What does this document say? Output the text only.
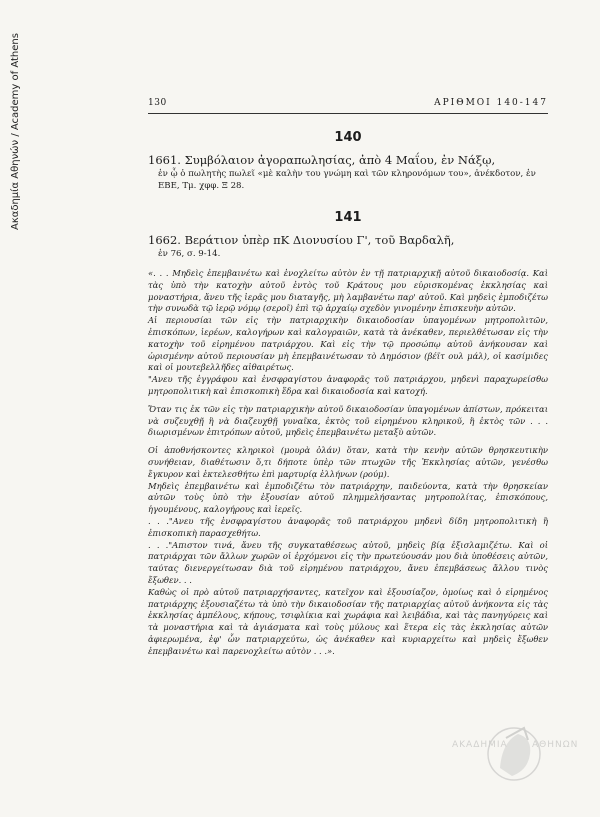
Ακαδημία Αθηνών / Academy of Athens	130	ΑΡΙΘΜΟΙ 140-147
140
1661. Συμβόλαιον ἀγοραπωλησίας, ἀπὸ 4 Μαΐου, ἐν Νάξῳ,
ἐν ᾧ ὁ πωλητὴς πωλεῖ «μὲ καλὴν του γνώμη καὶ τῶν κληρονόμων του», ἀνέκδοτον, ἐν
ΕΒΕ, Τμ. χφφ. Ξ 28.
141
1662. Βεράτιον ὑπὲρ πΚ Διονυσίου Γ', τοῦ Βαρδαλῆ,
ἐν 76, σ. 9-14.

«. . . Μηδεὶς ἐπεμβαινέτω καὶ ἐνοχλείτω αὐτὸν ἐν τῇ πατριαρχικῇ αὐτοῦ δικαιοδοσίᾳ. Καὶ τὰς ὑπὸ τὴν κατοχὴν αὐτοῦ ἐντὸς τοῦ Κράτους μου εὑρισκομένας ἐκκλησίας καὶ μοναστήρια, ἄνευ τῆς ἱερᾶς μου διαταγῆς, μὴ λαμβανέτω παρ' αὐτοῦ. Καὶ μηδεὶς ἐμποδιζέτω τὴν συνωδὰ τῷ ἱερῷ νόμῳ (σεροῖ) ἐπὶ τῷ ἀρχαίῳ σχεδὸν γινομένην ἐπισκευὴν αὐτῶν.

Αἱ περιουσίαι τῶν εἰς τὴν πατριαρχικὴν δικαιοδοσίαν ὑπαγομένων μητροπολιτῶν, ἐπισκόπων, ἱερέων, καλογήρων καὶ καλογραιῶν, κατὰ τὰ ἀνέκαθεν, περιελθέτωσαν εἰς τὴν κατοχὴν τοῦ εἰρημένου πατριάρχου. Καὶ εἰς τὴν τῷ προσώπῳ αὐτοῦ ἀνήκουσαν καὶ ὡρισμένην αὐτοῦ περιουσίαν μὴ ἐπεμβαινέτωσαν τὸ Δημόσιον (βέϊτ ουλ μάλ), οἱ κασίμιδες καὶ οἱ μουτεβελλῆδες αἰθαιρέτως.

"Ανευ τῆς ἐγγράφου καὶ ἐνσφραγίστου ἀναφορᾶς τοῦ πατριάρχου, μηδενὶ παραχωρείσθω μητροπολιτικὴ καὶ ἐπισκοπικὴ ἕδρα καὶ δικαιοδοσία καὶ κατοχή.

Ὅταν τις ἐκ τῶν εἰς τὴν πατριαρχικὴν αὐτοῦ δικαιοδοσίαν ὑπαγομένων ἀπίστων, πρόκειται νὰ συζευχθῇ ἢ νὰ διαζευχθῇ γυναῖκα, ἐκτὸς τοῦ εἰρημένου κληρικοῦ, ἢ ἐκτὸς τῶν . . . διωρισμένων ἐπιτρόπων αὐτοῦ, μηδεὶς ἐπεμβαινέτω μεταξὺ αὐτῶν.

Οἱ ἀποθνήσκοντες κληρικοὶ (μουρὰ ὀλάν) ὅταν, κατὰ τὴν κενὴν αὐτῶν θρησκευτικὴν συνήθειαν, διαθέτωσιν ὅ,τι δήποτε ὑπὲρ τῶν πτωχῶν τῆς Ἐκκλησίας αὐτῶν, γενέσθω ἔγκυρον καὶ ἐκτελεσθήτω ἐπὶ μαρτυρίᾳ ἑλλήνων (ρούμ).

Μηδεὶς ἐπεμβαινέτω καὶ ἐμποδιζέτω τὸν πατριάρχην, παιδεύοντα, κατὰ τὴν θρησκείαν αὐτῶν τοὺς ὑπὸ τὴν ἐξουσίαν αὐτοῦ πλημμελήσαντας μητροπολίτας, ἐπισκόπους, ἡγουμένους, καλογήρους καὶ ἱερεῖς.

. . ."Ανευ τῆς ἐνσφραγίστου ἀναφορᾶς τοῦ πατριάρχου μηδενὶ δίδη μητροπολιτικὴ ἢ ἐπισκοπικὴ παρασχεθήτω.

. . ."Απιστον τινά, ἄνευ τῆς συγκαταθέσεως αὐτοῦ, μηδεὶς βίᾳ ἐξισλαμιζέτω. Καὶ οἱ πατριάρχαι τῶν ἄλλων χωρῶν οἱ ἐρχόμενοι εἰς τὴν πρωτεύουσάν μου διὰ ὑποθέσεις αὐτῶν, ταύτας διενεργείτωσαν διὰ τοῦ εἰρημένου πατριάρχου, ἄνευ ἐπεμβάσεως ἄλλου τινὸς ἔξωθεν. . .

Καθὼς οἱ πρὸ αὐτοῦ πατριαρχήσαντες, κατεῖχον καὶ ἐξουσίαζον, ὁμοίως καὶ ὁ εἰρημένος πατριάρχης ἐξουσιαζέτω τὰ ὑπὸ τὴν δικαιοδοσίαν τῆς πατριαρχίας αὐτοῦ ἀνήκοντα εἰς τὰς ἐκκλησίας ἀμπέλους, κήπους, τσιφλίκια καὶ χωράφια καὶ λειβάδια, καὶ τὰς πανηγύρεις καὶ τὰ μοναστήρια καὶ τὰ ἁγιάσματα καὶ τοὺς μύλους καὶ ἕτερα εἰς τὰς ἐκκλησίας αὐτῶν ἀφιερωμένα, ἐφ' ὧν πατριαρχεύτω, ὡς ἀνέκαθεν καὶ κυριαρχείτω καὶ μηδεὶς ἔξωθεν ἐπεμβαινέτω καὶ παρενοχλείτω αὐτὸν . . .».

ΑΚΑΔΗΜΙΑ	ΑΘΗΝΩΝ
